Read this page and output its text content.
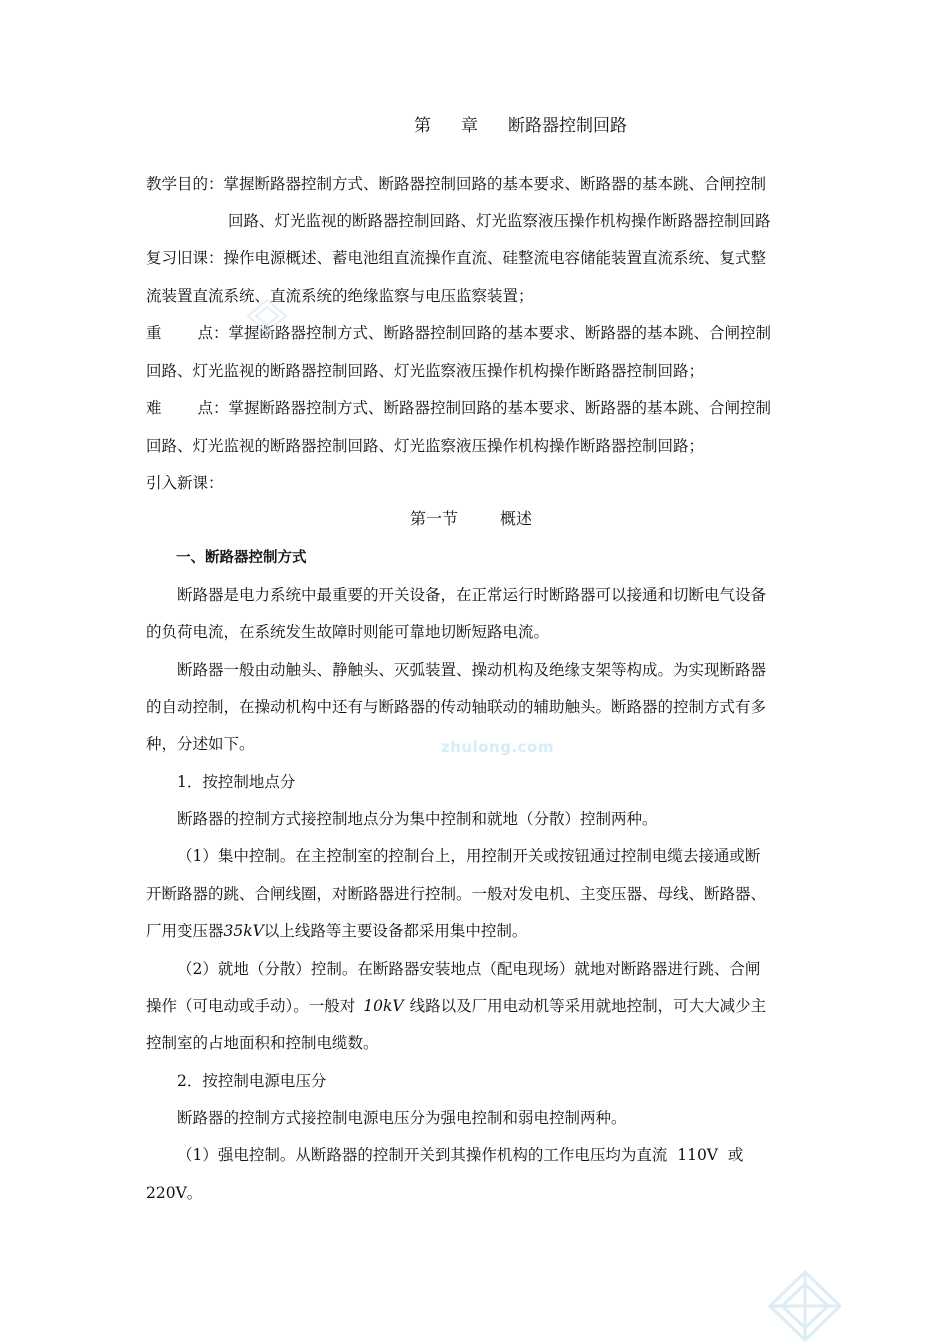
第 章 断路器控制回路
教学目的：掌握断路器控制方式、断路器控制回路的基本要求、断路器的基本跳、合闸控制
回路、灯光监视的断路器控制回路、灯光监察液压操作机构操作断路器控制回路
复习旧课：操作电源概述、蓄电池组直流操作直流、硅整流电容储能装置直流系统、复式整
流装置直流系统、直流系统的绝缘监察与电压监察装置；
重 点：掌握断路器控制方式、断路器控制回路的基本要求、断路器的基本跳、合闸控制
回路、灯光监视的断路器控制回路、灯光监察液压操作机构操作断路器控制回路；
难 点：掌握断路器控制方式、断路器控制回路的基本要求、断路器的基本跳、合闸控制
回路、灯光监视的断路器控制回路、灯光监察液压操作机构操作断路器控制回路；
引入新课：
第一节	概述
一、断路器控制方式
断路器是电力系统中最重要的开关设备，在正常运行时断路器可以接通和切断电气设备
的负荷电流，在系统发生故障时则能可靠地切断短路电流。
断路器一般由动触头、静触头、灭弧装置、操动机构及绝缘支架等构成。为实现断路器
的自动控制，在操动机构中还有与断路器的传动轴联动的辅助触头。断路器的控制方式有多
种，分述如下。	zhulong.com
1．按控制地点分
断路器的控制方式接控制地点分为集中控制和就地（分散）控制两种。
（1）集中控制。在主控制室的控制台上，用控制开关或按钮通过控制电缆去接通或断
开断路器的跳、合闸线圈，对断路器进行控制。一般对发电机、主变压器、母线、断路器、
厂用变压器35kV以上线路等主要设备都采用集中控制。
（2）就地（分散）控制。在断路器安装地点（配电现场）就地对断路器进行跳、合闸
操作（可电动或手动）。一般对 10kV 线路以及厂用电动机等采用就地控制，可大大减少主
控制室的占地面积和控制电缆数。
2．按控制电源电压分
断路器的控制方式接控制电源电压分为强电控制和弱电控制两种。
（1）强电控制。从断路器的控制开关到其操作机构的工作电压均为直流  110V  或
220V。
